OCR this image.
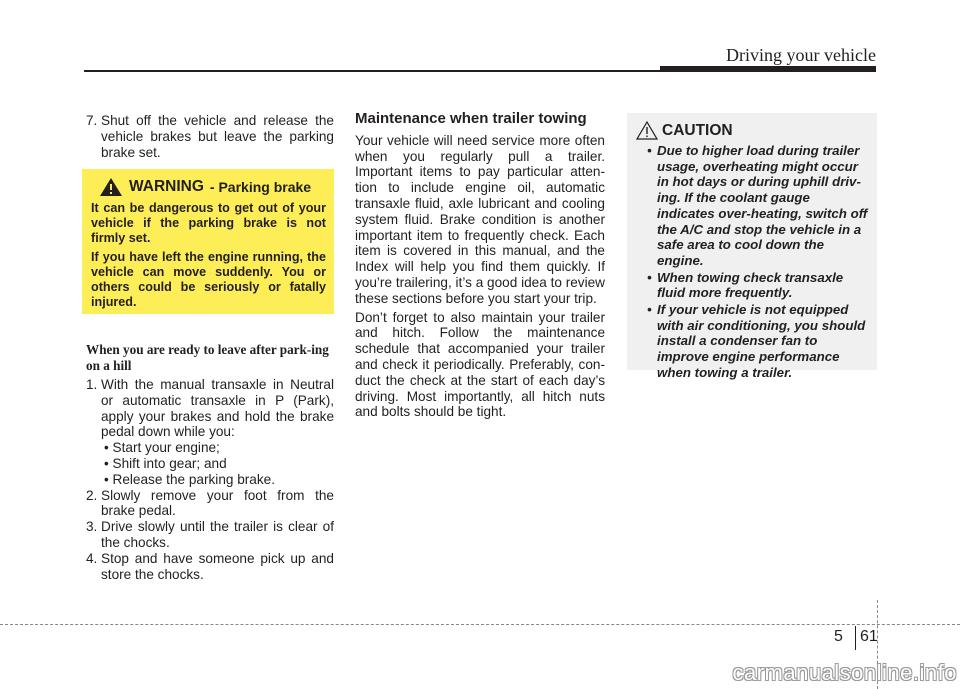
Driving your vehicle
7. Shut off the vehicle and release the vehicle brakes but leave the parking brake set.
WARNING - Parking brake
It can be dangerous to get out of your vehicle if the parking brake is not firmly set.
If you have left the engine running, the vehicle can move suddenly. You or others could be seriously or fatally injured.
When you are ready to leave after park-ing on a hill
1. With the manual transaxle in Neutral or automatic transaxle in P (Park), apply your brakes and hold the brake pedal down while you:
• Start your engine;
• Shift into gear; and
• Release the parking brake.
2. Slowly remove your foot from the brake pedal.
3. Drive slowly until the trailer is clear of the chocks.
4. Stop and have someone pick up and store the chocks.
Maintenance when trailer towing
Your vehicle will need service more often when you regularly pull a trailer. Important items to pay particular atten-tion to include engine oil, automatic transaxle fluid, axle lubricant and cooling system fluid. Brake condition is another important item to frequently check. Each item is covered in this manual, and the Index will help you find them quickly. If you’re trailering, it’s a good idea to review these sections before you start your trip.
Don’t forget to also maintain your trailer and hitch. Follow the maintenance schedule that accompanied your trailer and check it periodically. Preferably, con-duct the check at the start of each day’s driving. Most importantly, all hitch nuts and bolts should be tight.
CAUTION
• Due to higher load during trailer usage, overheating might occur in hot days or during uphill driv-ing. If the coolant gauge indicates over-heating, switch off the A/C and stop the vehicle in a safe area to cool down the engine.
• When towing check transaxle fluid more frequently.
• If your vehicle is not equipped with air conditioning, you should install a condenser fan to improve engine performance when towing a trailer.
5 61
carmanualsonline.info
